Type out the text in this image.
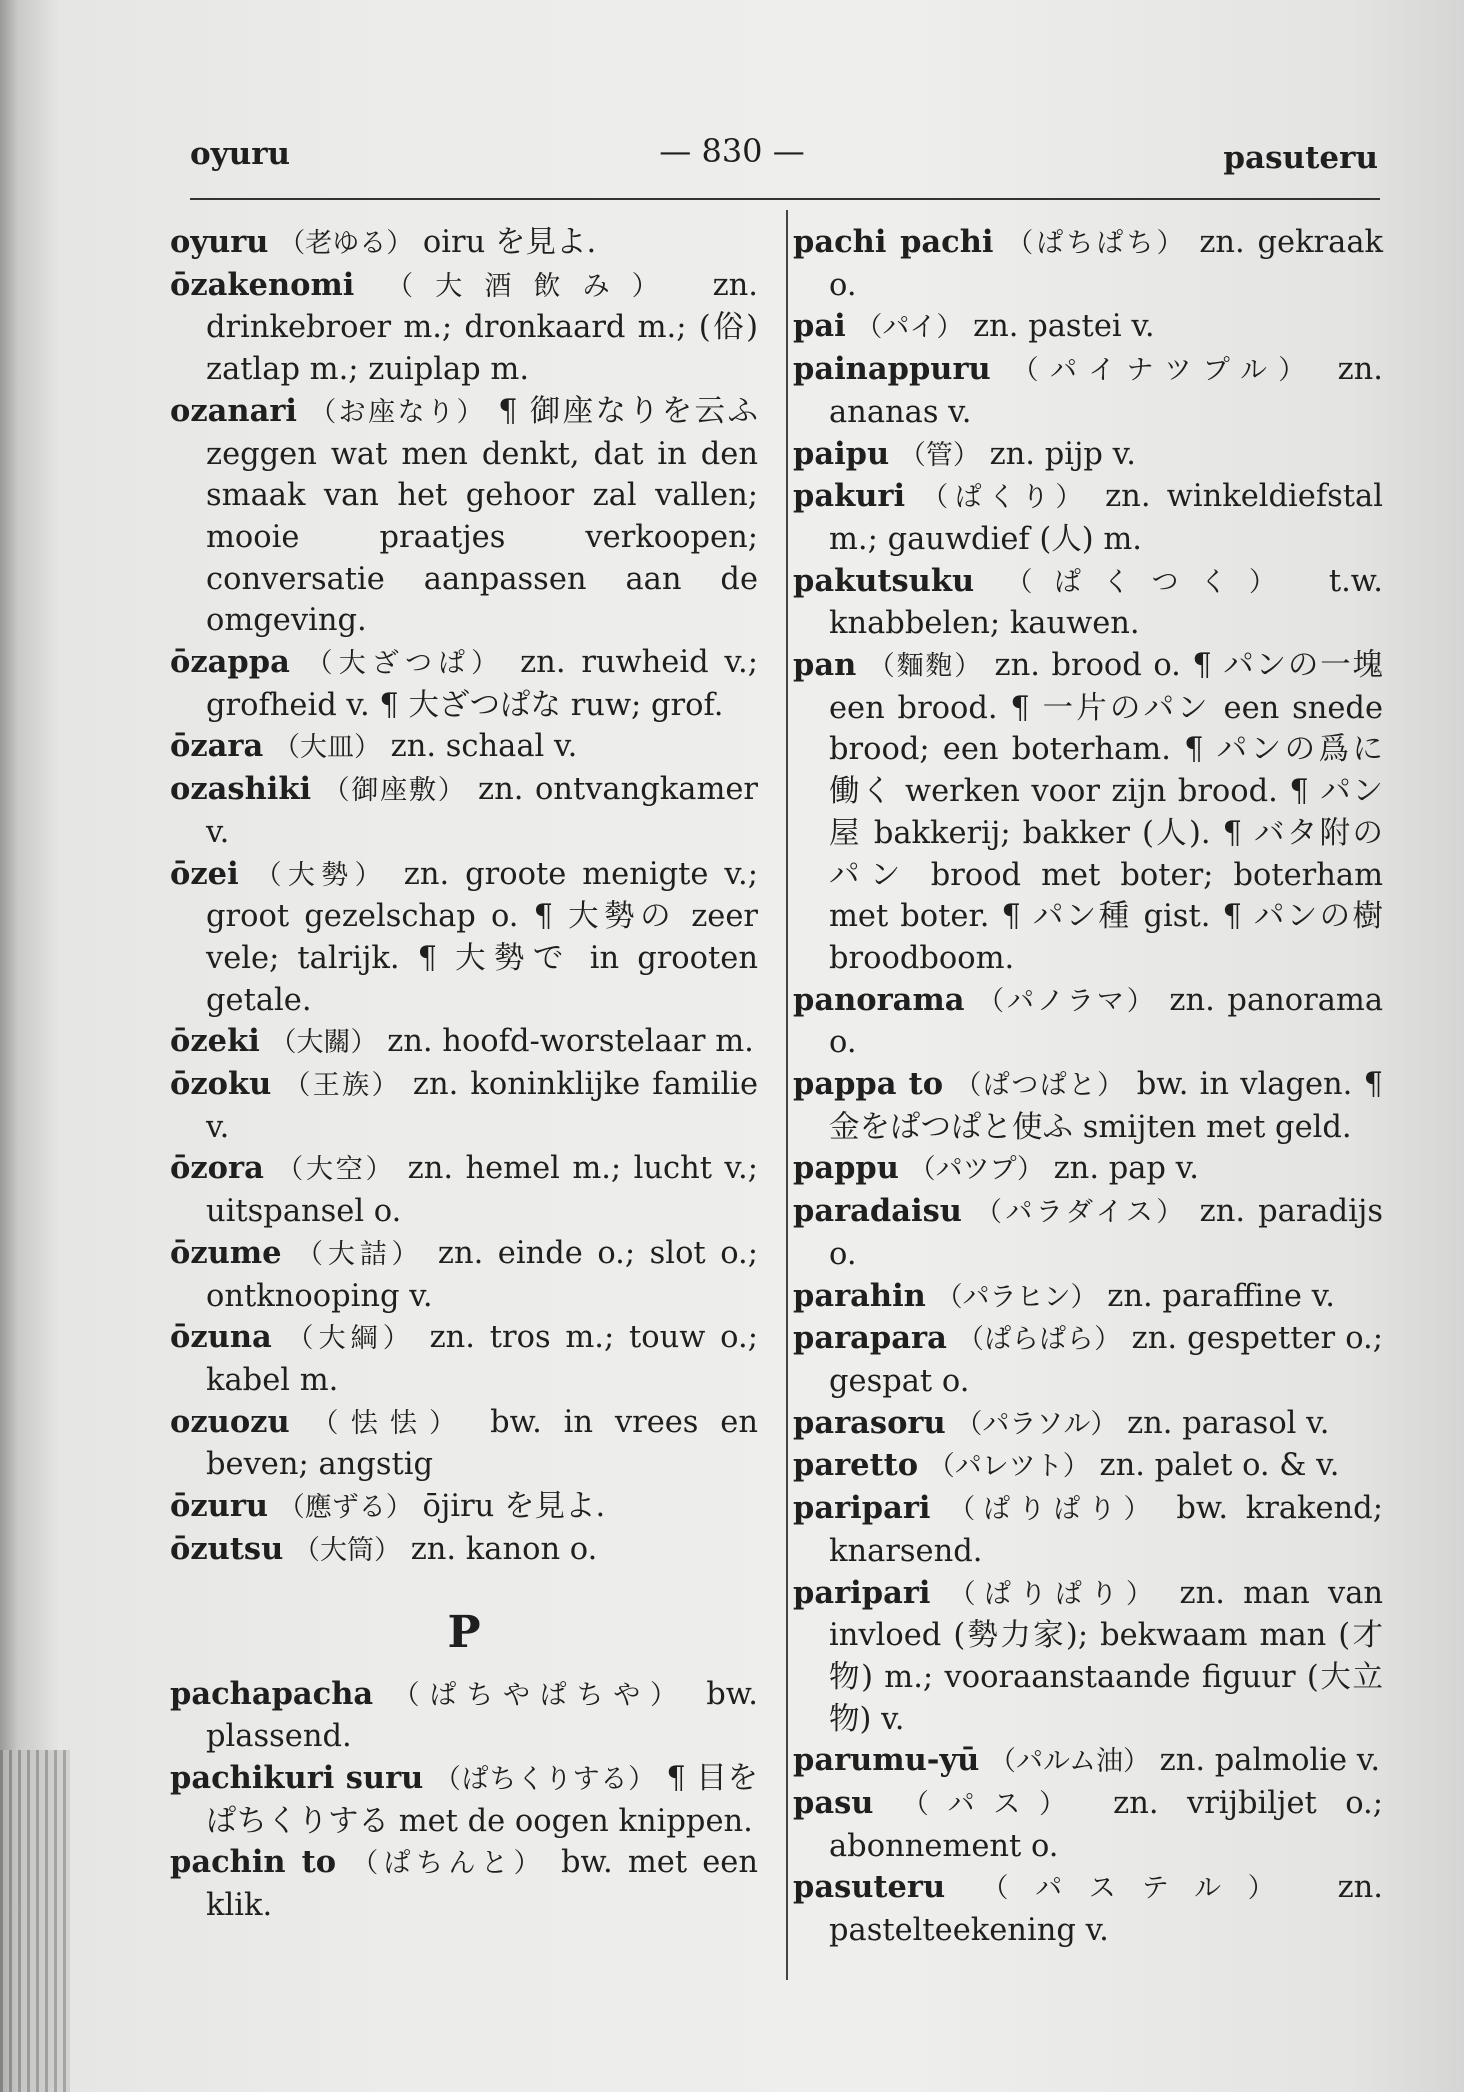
oyuru	— 830 —	pasuteru

oyuru （老ゆる） oiru を見よ.

ōzakenomi （大酒飲み） zn. drinkebroer m.; dronkaard m.; (俗) zatlap m.; zuiplap m.

ozanari （お座なり） ¶ 御座なりを云ふ zeggen wat men denkt, dat in den smaak van het gehoor zal vallen; mooie praatjes verkoopen; conversatie aanpassen aan de omgeving.

ōzappa （大ざつぱ） zn. ruwheid v.; grofheid v. ¶ 大ざつぱな ruw; grof.

ōzara （大皿） zn. schaal v.

ozashiki （御座敷） zn. ontvangkamer v.

ōzei （大勢） zn. groote menigte v.; groot gezelschap o. ¶ 大勢の zeer vele; talrijk. ¶ 大勢で in grooten getale.

ōzeki （大關） zn. hoofd-worstelaar m.

ōzoku （王族） zn. koninklijke familie v.

ōzora （大空） zn. hemel m.; lucht v.; uitspansel o.

ōzume （大詰） zn. einde o.; slot o.; ontknooping v.

ōzuna （大綱） zn. tros m.; touw o.; kabel m.

ozuozu （怯怯） bw. in vrees en beven; angstig

ōzuru （應ずる） ōjiru を見よ.

ōzutsu （大筒） zn. kanon o.

P

pachapacha （ぱちやぱちや） bw. plassend.

pachikuri suru （ぱちくりする） ¶ 目をぱちくりする met de oogen knippen.

pachin to （ぱちんと） bw. met een klik.

pachi pachi （ぱちぱち） zn. gekraak o.

pai （パイ） zn. pastei v.

painappuru （パイナツプル） zn. ananas v.

paipu （管） zn. pijp v.

pakuri （ぱくり） zn. winkeldiefstal m.; gauwdief (人) m.

pakutsuku （ぱくつく） t.w. knabbelen; kauwen.

pan （麵麭） zn. brood o. ¶ パンの一塊 een brood. ¶ 一片のパン een snede brood; een boterham. ¶ パンの爲に働く werken voor zijn brood. ¶ パン屋 bakkerij; bakker (人). ¶ バタ附のパン brood met boter; boterham met boter. ¶ パン種 gist. ¶ パンの樹 broodboom.

panorama （パノラマ） zn. panorama o.

pappa to （ぱつぱと） bw. in vlagen. ¶ 金をぱつぱと使ふ smijten met geld.

pappu （パツプ） zn. pap v.

paradaisu （パラダイス） zn. paradijs o.

parahin （パラヒン） zn. paraffine v.

parapara （ぱらぱら） zn. gespetter o.; gespat o.

parasoru （パラソル） zn. parasol v.

paretto （パレツト） zn. palet o. & v.

paripari （ぱりぱり） bw. krakend; knarsend.

paripari （ぱりぱり） zn. man van invloed (勢力家); bekwaam man (才物) m.; vooraanstaande figuur (大立物) v.

parumu-yū （パルム油） zn. palmolie v.

pasu （パス） zn. vrijbiljet o.; abonnement o.

pasuteru （パステル） zn. pastelteekening v.
